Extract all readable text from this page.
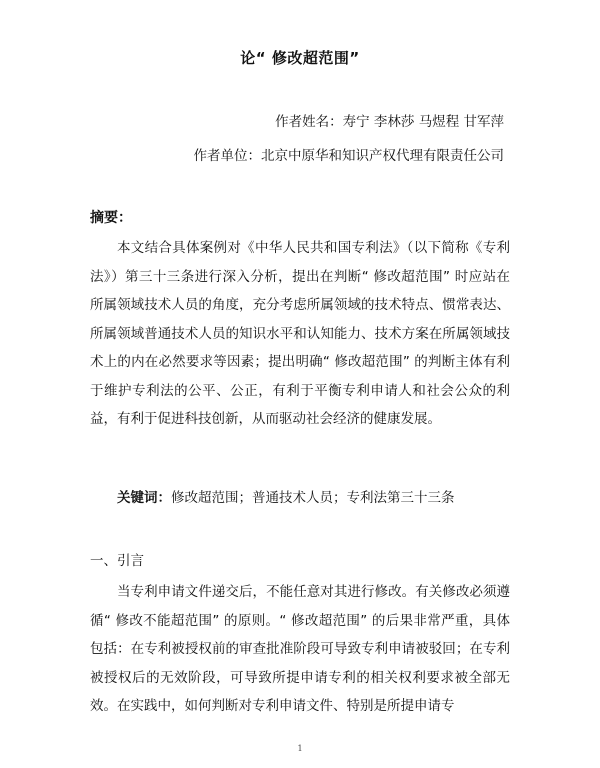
论“ 修改超范围”
作者姓名：寿宁 李林莎 马煜程 甘军萍
作者单位：北京中原华和知识产权代理有限责任公司
摘要：

本文结合具体案例对《中华人民共和国专利法》（以下简称《专利法》）第三十三条进行深入分析，提出在判断“ 修改超范围” 时应站在所属领域技术人员的角度，充分考虑所属领域的技术特点、惯常表达、所属领域普通技术人员的知识水平和认知能力、技术方案在所属领域技术上的内在必然要求等因素；提出明确“ 修改超范围” 的判断主体有利于维护专利法的公平、公正，有利于平衡专利申请人和社会公众的利益，有利于促进科技创新，从而驱动社会经济的健康发展。

关键词：修改超范围；普通技术人员；专利法第三十三条
一、引言

当专利申请文件递交后，不能任意对其进行修改。有关修改必须遵循“ 修改不能超范围” 的原则。“ 修改超范围” 的后果非常严重，具体包括：在专利被授权前的审查批准阶段可导致专利申请被驳回；在专利被授权后的无效阶段，可导致所提申请专利的相关权利要求被全部无效。在实践中，如何判断对专利申请文件、特别是所提申请专

1
